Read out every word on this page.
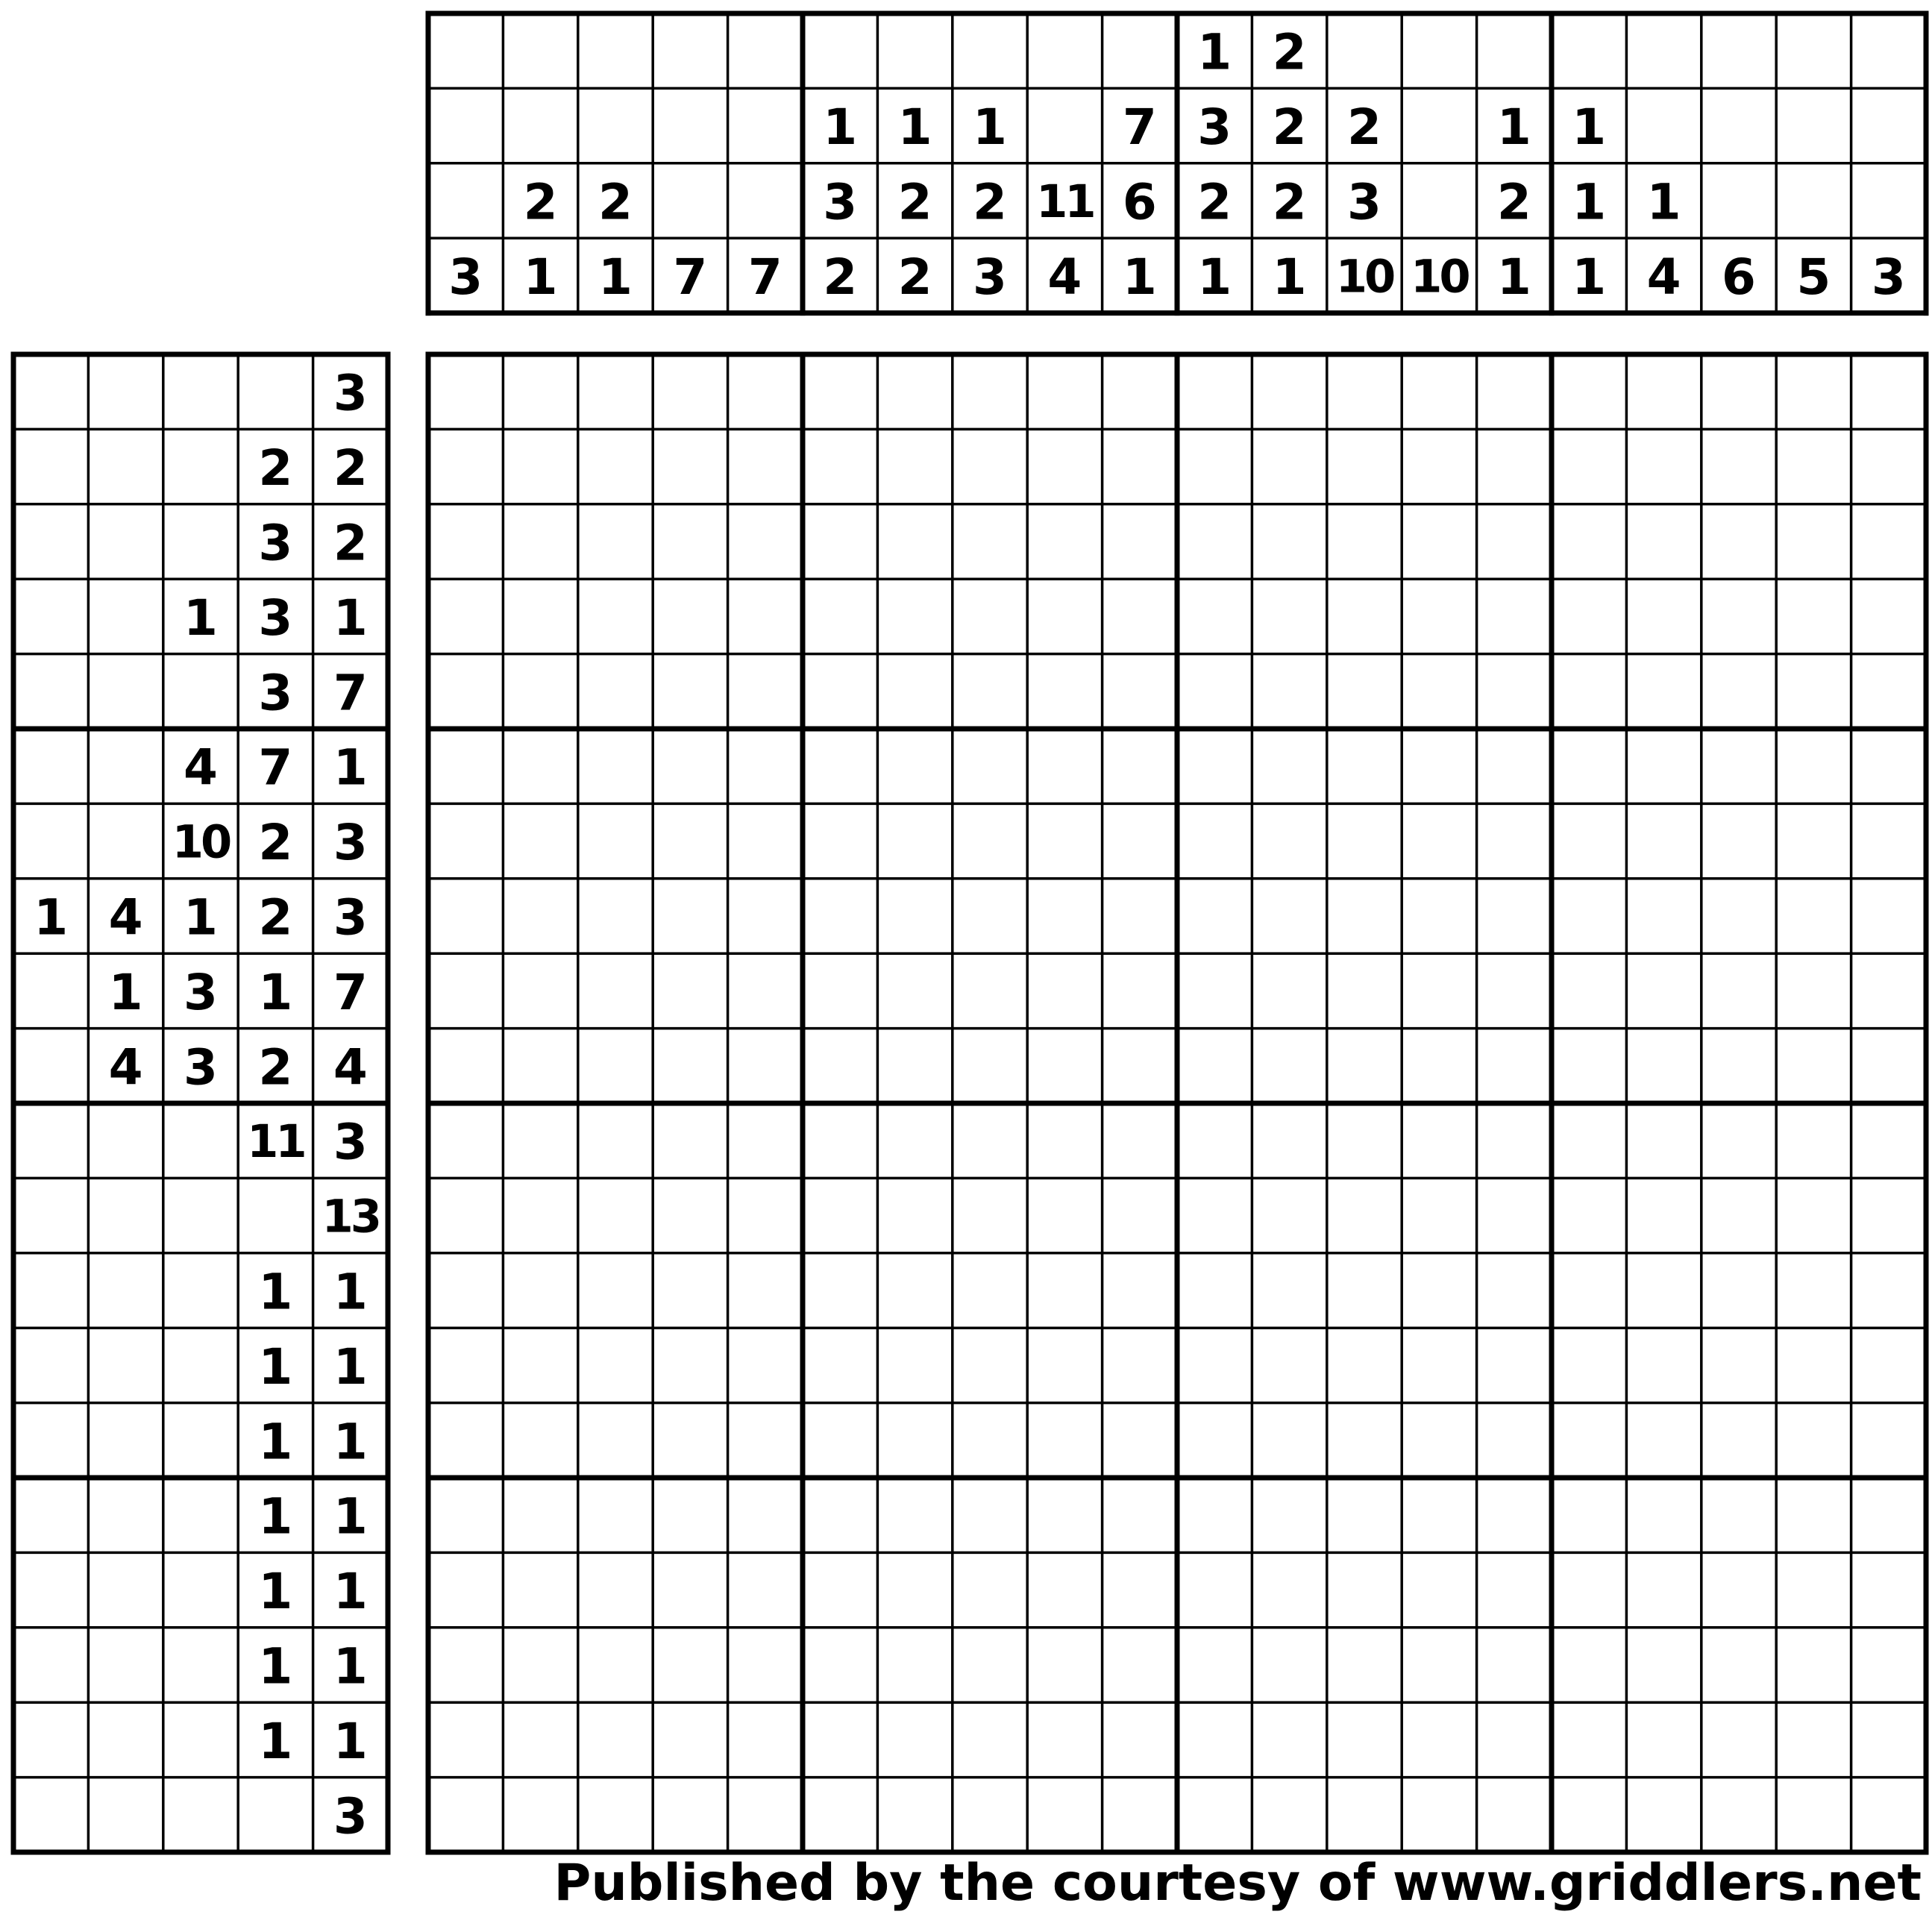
3
2
1
2
1 7 7
1
3
2
1
2
2
1
2
3
11
4
7
6
1
1
3
2
1
2
2
2
1
2
3
10 10
1
2
1
1
1
1
1
4 6 5 3
3
2 2
3 2
1 3 1
3 7
4 7 1
10 2 3
1 4 1 2 3
1 3 1 7
4 3 2 4
11 3
13
1 1
1 1
1 1
1 1
1 1
1 1
1 1
3
Published by the courtesy of www.griddlers.net
